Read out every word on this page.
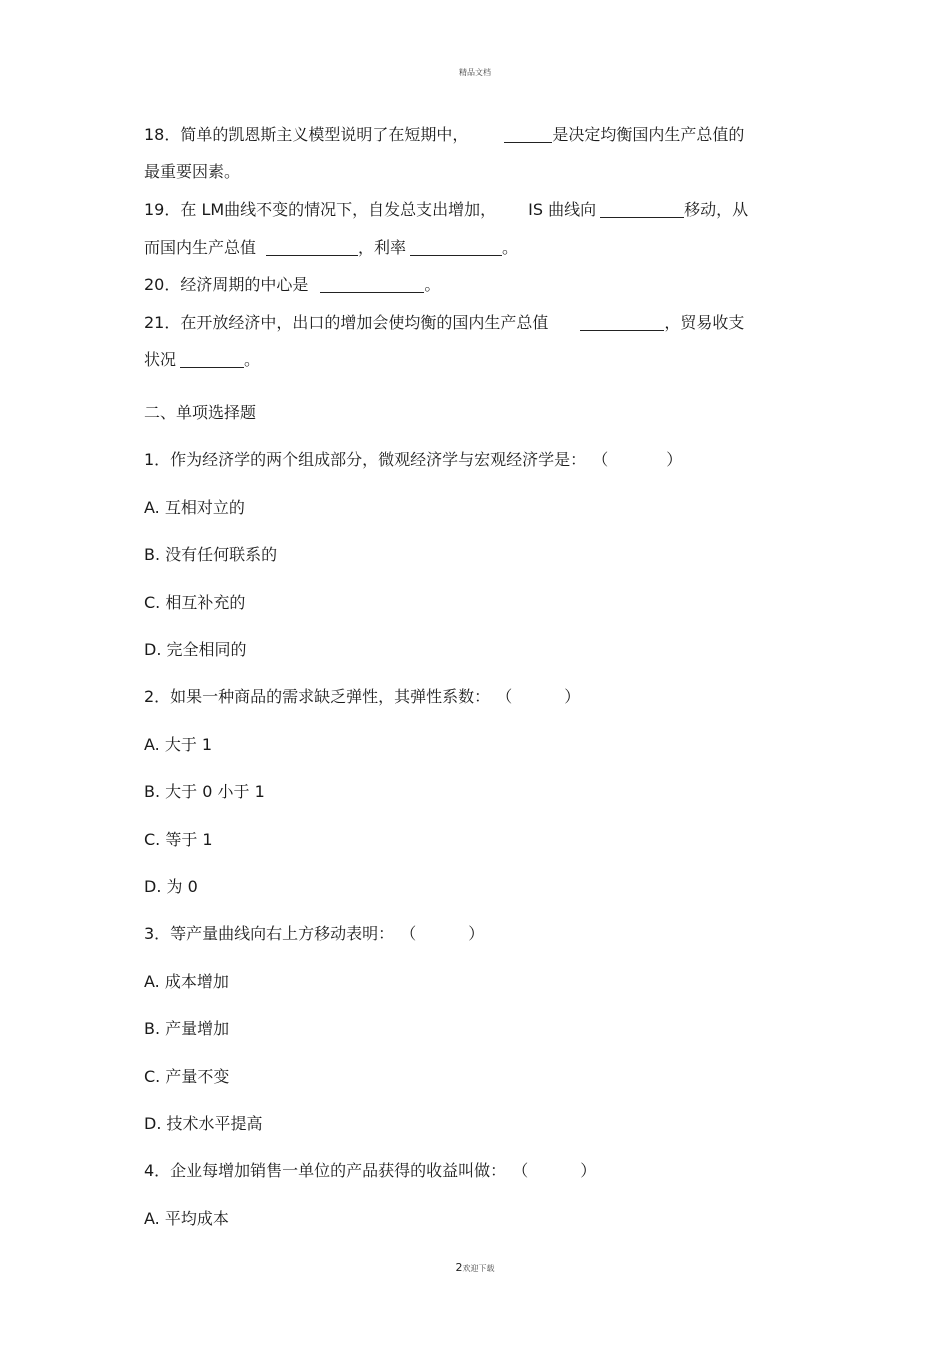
精品文档
18．简单的凯恩斯主义模型说明了在短期中，	是决定均衡国内生产总值的
最重要因素。
19．在 LM曲线不变的情况下，自发总支出增加， IS 曲线向	移动，从
而国内生产总值	，利率	。
20．经济周期的中心是	。
21．在开放经济中，出口的增加会使均衡的国内生产总值	，贸易收支
状况	。
二、单项选择题
1．作为经济学的两个组成部分，微观经济学与宏观经济学是： （	）
A. 互相对立的
B. 没有任何联系的
C. 相互补充的
D. 完全相同的
2．如果一种商品的需求缺乏弹性，其弹性系数： （	）
A. 大于 1
B. 大于 0 小于 1
C. 等于 1
D. 为 0
3．等产量曲线向右上方移动表明： （	）
A. 成本增加
B. 产量增加
C. 产量不变
D. 技术水平提高
4．企业每增加销售一单位的产品获得的收益叫做： （	）
A. 平均成本
2欢迎下载
